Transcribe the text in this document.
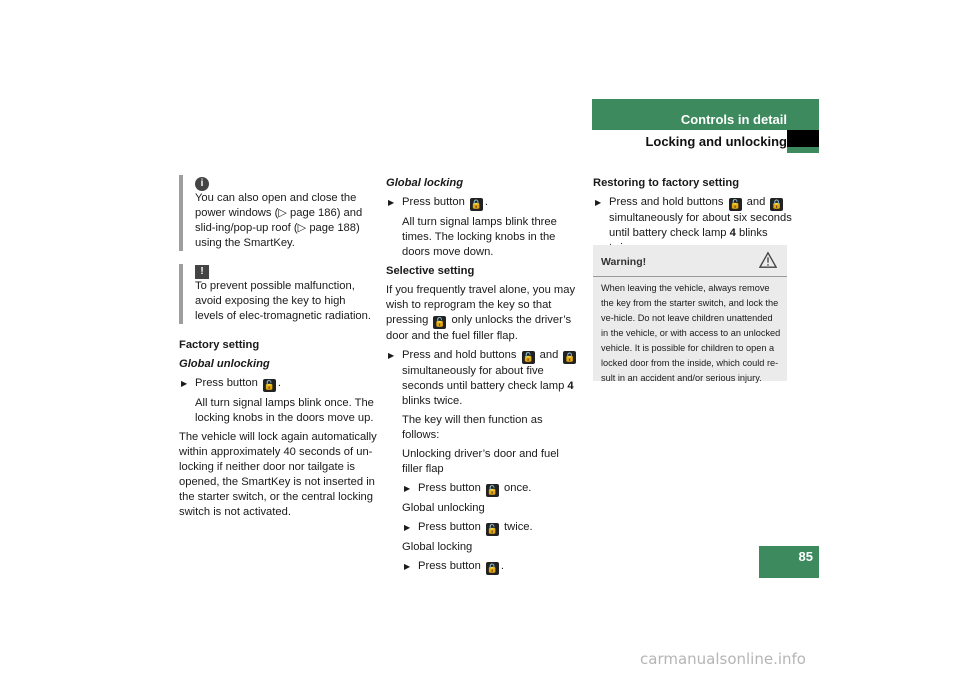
Controls in detail
Locking and unlocking
85
i

You can also open and close the power windows (▷ page 186) and slid-ing/pop-up roof (▷ page 188) using the SmartKey.

!

To prevent possible malfunction, avoid exposing the key to high levels of elec-tromagnetic radiation.

Factory setting

Global unlocking

▶ Press button 🔓 .

All turn signal lamps blink once. The locking knobs in the doors move up.

The vehicle will lock again automatically within approximately 40 seconds of un-locking if neither door nor tailgate is opened, the SmartKey is not inserted in the starter switch, or the central locking switch is not activated.

Global locking

▶ Press button 🔒 .

All turn signal lamps blink three times. The locking knobs in the doors move down.

Selective setting

If you frequently travel alone, you may wish to reprogram the key so that pressing 🔓 only unlocks the driver’s door and the fuel filler flap.

▶ Press and hold buttons 🔓 and 🔒 simultaneously for about five seconds until battery check lamp 4 blinks twice.

The key will then function as follows:

Unlocking driver’s door and fuel filler flap

▶ Press button 🔓 once.

Global unlocking

▶ Press button 🔓 twice.

Global locking

▶ Press button 🔒 .

Restoring to factory setting

▶ Press and hold buttons 🔓 and 🔒 simultaneously for about six seconds until battery check lamp 4 blinks

Warning!
When leaving the vehicle, always remove the key from the starter switch, and lock the ve-hicle. Do not leave children unattended in the vehicle, or with access to an unlocked vehicle. It is possible for children to open a locked door from the inside, which could re-sult in an accident and/or serious injury.
carmanualsonline.info
